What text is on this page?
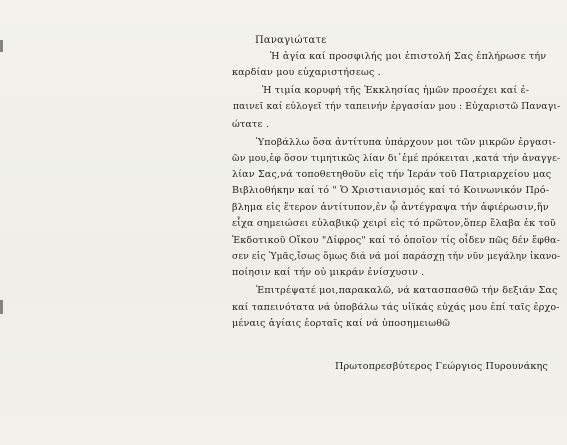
Παναγιώτατε
Ἡ ἁγία καί προσφιλής μοι ἐπιστολή Σας ἐπλήρωσε τήν
καρδίαν μου εὐχαριστήσεως .
Ἡ τιμία κορυφή τῆς Ἐκκλησίας ἡμῶν προσέχει καί ἐ-
παινεῖ καί εὐλογεῖ τήν ταπεινήν ἐργασίαν μου : Εὐχαριστῶ Παναγι-
ώτατε .
Ὑποβάλλω ὅσα ἀντίτυπα ὑπάρχουν μοι τῶν μικρῶν ἐργασι-
ῶν μου,ἐφ ὅσον τιμητικῶς λίαν δι᾽ἐμέ πρόκειται ,κατά τήν ἀναγγε-
λίαν Σας,νά τοποθετηθοῦν εἰς τήν Ἱεράν τοῦ Πατριαρχείου μας
Βιβλιοθήκην καί τό " Ὁ Χριστιανισμός καί τό Κοινωνικόν Πρό-
βλημα εἰς ἕτερον ἀντίτυπον,ἐν ᾧ ἀντέγραψα τήν ἀφιέρωσιν,ἥν
εἶχα σημειώσει εὐλαβικῷ χειρί εἰς τό πρῶτον,ὅπερ ἔλαβα ἐκ τοῦ
Ἐκδοτικοῦ Οἴκου "Δίφρος" καί τό ὁποῖον τίς οἶδεν πῶς δέν ἔφθα-
σεν εἰς Ὑμᾶς,ἴσως ὅμως διά νά μοί παράσχῃ τήν νῦν μεγάλην ἱκανο-
ποίησιν καί τήν οὐ μικράν ἐνίσχυσιν .
Ἐπιτρέψατέ μοι,παρακαλῶ, νά κατασπασθῶ τήν δεξιάν Σας
καί ταπεινότατα νά ὑποβάλω τάς υἱϊκάς εὐχάς μου ἐπί ταῖς ἐρχο-
μέναις ἁγίαις ἑορταῖς καί νά ὑποσημειωθῶ
Πρωτοπρεσβύτερος Γεώργιος Πυρουνάκης
